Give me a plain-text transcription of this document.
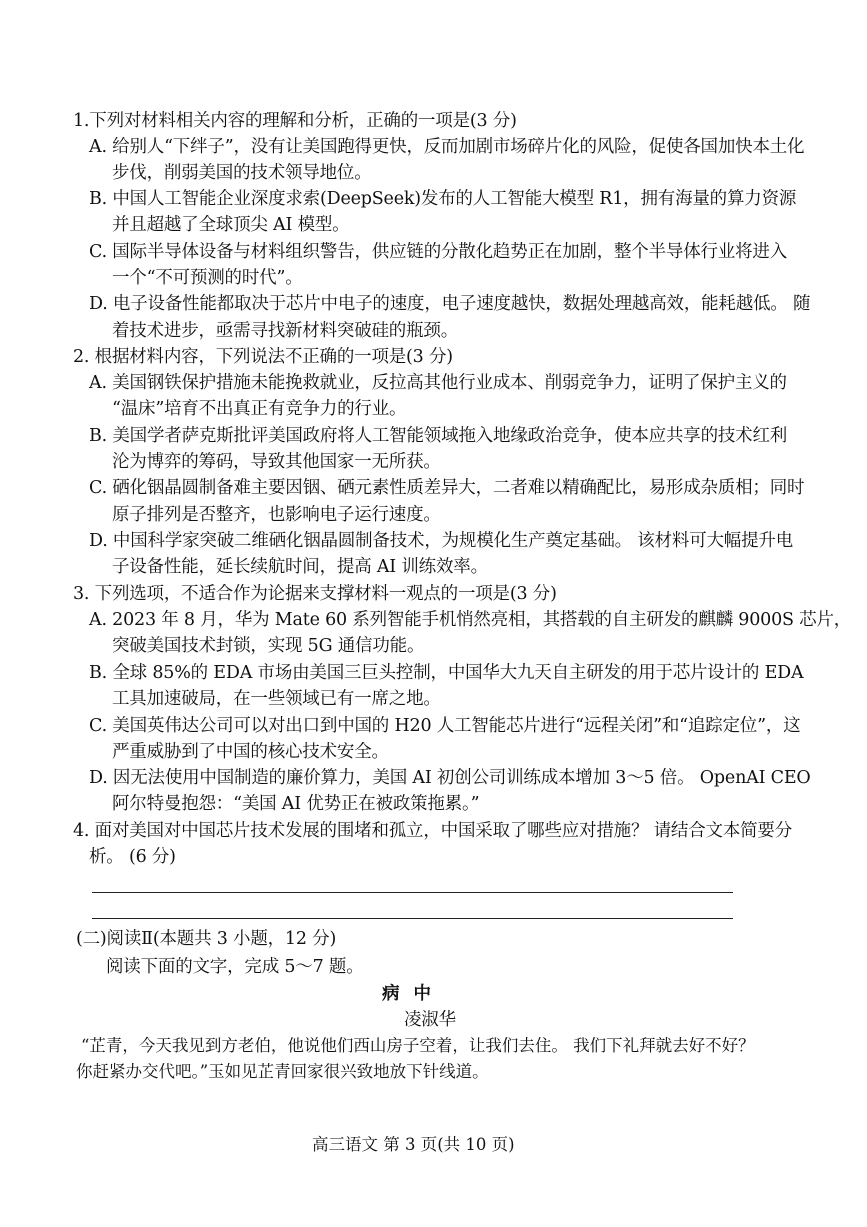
1.下列对材料相关内容的理解和分析，正确的一项是(3 分)
A. 给别人“下绊子”，没有让美国跑得更快，反而加剧市场碎片化的风险，促使各国加快本土化
步伐，削弱美国的技术领导地位。
B. 中国人工智能企业深度求索(DeepSeek)发布的人工智能大模型 R1，拥有海量的算力资源
并且超越了全球顶尖 AI 模型。
C. 国际半导体设备与材料组织警告，供应链的分散化趋势正在加剧，整个半导体行业将进入
一个“不可预测的时代”。
D. 电子设备性能都取决于芯片中电子的速度，电子速度越快，数据处理越高效，能耗越低。 随
着技术进步，亟需寻找新材料突破硅的瓶颈。
2. 根据材料内容，下列说法不正确的一项是(3 分)
A. 美国钢铁保护措施未能挽救就业，反拉高其他行业成本、削弱竞争力，证明了保护主义的
“温床”培育不出真正有竞争力的行业。
B. 美国学者萨克斯批评美国政府将人工智能领域拖入地缘政治竞争，使本应共享的技术红利
沦为博弈的筹码，导致其他国家一无所获。
C. 硒化铟晶圆制备难主要因铟、硒元素性质差异大，二者难以精确配比，易形成杂质相；同时
原子排列是否整齐，也影响电子运行速度。
D. 中国科学家突破二维硒化铟晶圆制备技术，为规模化生产奠定基础。 该材料可大幅提升电
子设备性能，延长续航时间，提高 AI 训练效率。
3. 下列选项，不适合作为论据来支撑材料一观点的一项是(3 分)
A. 2023 年 8 月，华为 Mate 60 系列智能手机悄然亮相，其搭载的自主研发的麒麟 9000S 芯片，
突破美国技术封锁，实现 5G 通信功能。
B. 全球 85%的 EDA 市场由美国三巨头控制，中国华大九天自主研发的用于芯片设计的 EDA
工具加速破局，在一些领域已有一席之地。
C. 美国英伟达公司可以对出口到中国的 H20 人工智能芯片进行“远程关闭”和“追踪定位”，这
严重威胁到了中国的核心技术安全。
D. 因无法使用中国制造的廉价算力，美国 AI 初创公司训练成本增加 3～5 倍。 OpenAI CEO
阿尔特曼抱怨：“美国 AI 优势正在被政策拖累。”
4. 面对美国对中国芯片技术发展的围堵和孤立，中国采取了哪些应对措施？ 请结合文本简要分
析。 (6 分)
(二)阅读Ⅱ(本题共 3 小题，12 分)
阅读下面的文字，完成 5～7 题。
病中
凌淑华
“芷青，今天我见到方老伯，他说他们西山房子空着，让我们去住。 我们下礼拜就去好不好？
你赶紧办交代吧。”玉如见芷青回家很兴致地放下针线道。
高三语文 第 3 页(共 10 页)
